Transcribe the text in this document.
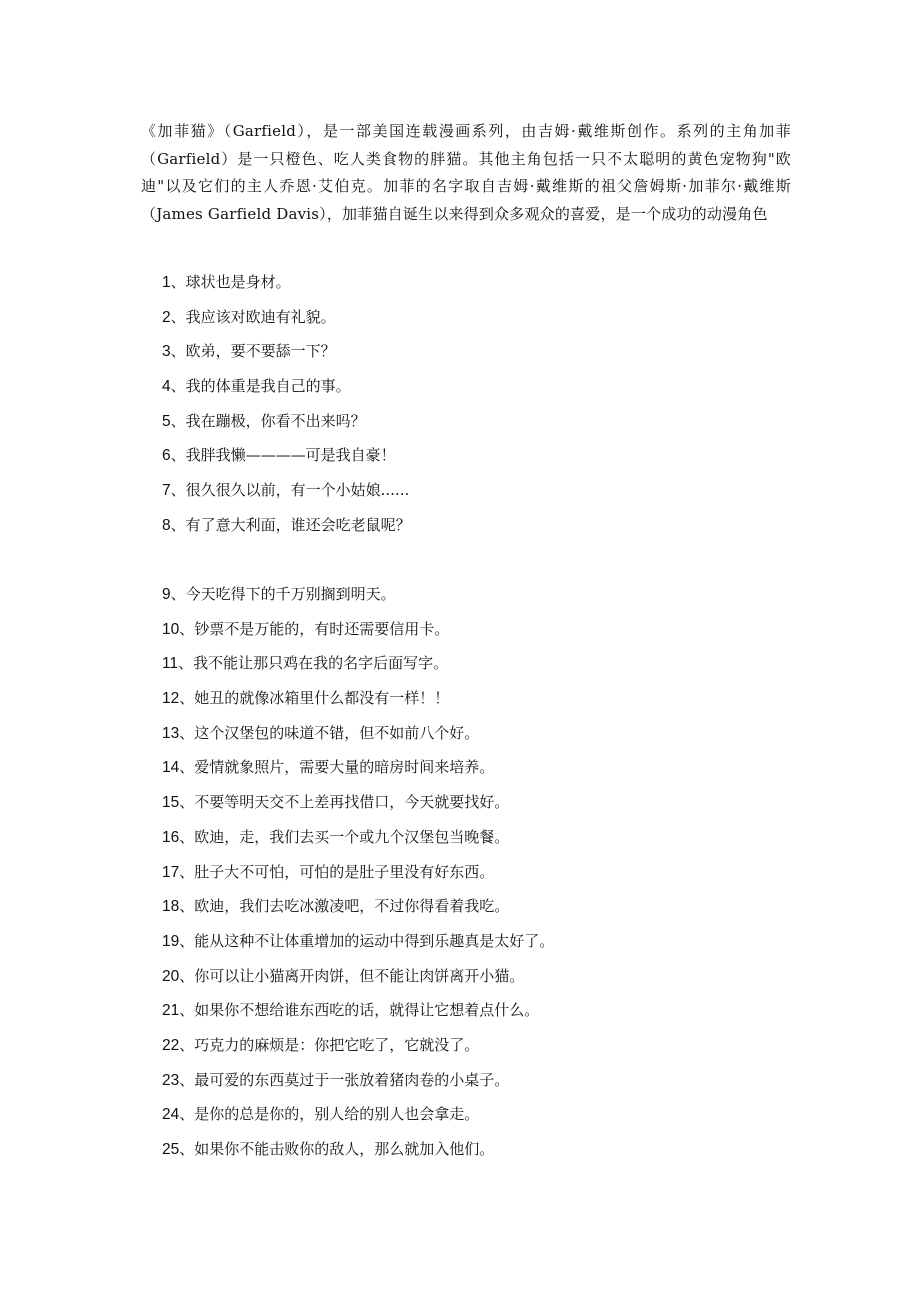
《加菲猫》（Garfield），是一部美国连载漫画系列，由吉姆·戴维斯创作。系列的主角加菲（Garfield）是一只橙色、吃人类食物的胖猫。其他主角包括一只不太聪明的黄色宠物狗"欧迪"以及它们的主人乔恩·艾伯克。加菲的名字取自吉姆·戴维斯的祖父詹姆斯·加菲尔·戴维斯（James Garfield Davis），加菲猫自诞生以来得到众多观众的喜爱，是一个成功的动漫角色

1、球状也是身材。
2、我应该对欧迪有礼貌。
3、欧弟，要不要舔一下？
4、我的体重是我自己的事。
5、我在蹦极，你看不出来吗？
6、我胖我懒————可是我自豪！
7、很久很久以前，有一个小姑娘......
8、有了意大利面，谁还会吃老鼠呢？
9、今天吃得下的千万别搁到明天。
10、钞票不是万能的，有时还需要信用卡。
11、我不能让那只鸡在我的名字后面写字。
12、她丑的就像冰箱里什么都没有一样！！
13、这个汉堡包的味道不错，但不如前八个好。
14、爱情就象照片，需要大量的暗房时间来培养。
15、不要等明天交不上差再找借口，今天就要找好。
16、欧迪，走，我们去买一个或九个汉堡包当晚餐。
17、肚子大不可怕，可怕的是肚子里没有好东西。
18、欧迪，我们去吃冰激凌吧，不过你得看着我吃。
19、能从这种不让体重增加的运动中得到乐趣真是太好了。
20、你可以让小猫离开肉饼，但不能让肉饼离开小猫。
21、如果你不想给谁东西吃的话，就得让它想着点什么。
22、巧克力的麻烦是：你把它吃了，它就没了。
23、最可爱的东西莫过于一张放着猪肉卷的小桌子。
24、是你的总是你的，别人给的别人也会拿走。
25、如果你不能击败你的敌人，那么就加入他们。
